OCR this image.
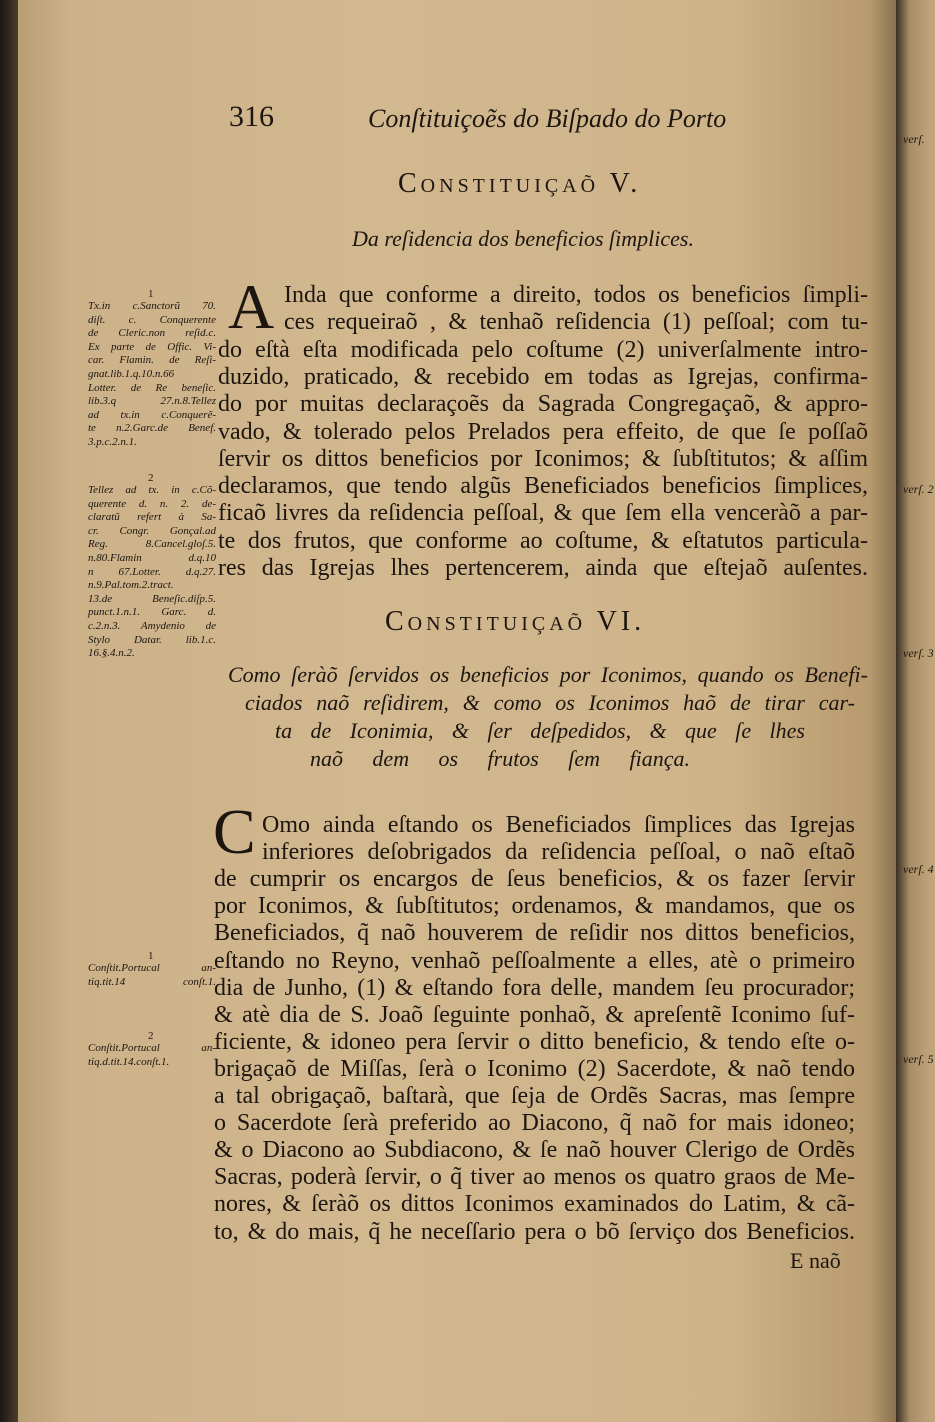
316	Conſtituiçoẽs do Biſpado do Porto
Constituiçaõ V.
Da reſidencia dos beneficios ſimplices.
A Inda que conforme a direito, todos os beneficios ſimpli-
ces requeiraõ , & tenhaõ reſidencia (1) peſſoal; com tu-
do eſtà eſta modificada pelo coſtume (2) univerſalmente intro-
duzido, praticado, & recebido em todas as Igrejas, confirma-
do por muitas declaraçoẽs da Sagrada Congregaçaõ, & appro-
vado, & tolerado pelos Prelados pera effeito, de que ſe poſſaõ
ſervir os dittos beneficios por Iconimos; & ſubſtitutos; & aſſim
declaramos, que tendo algũs Beneficiados beneficios ſimplices,
ficaõ livres da reſidencia peſſoal, & que ſem ella venceràõ a par-
te dos frutos, que conforme ao coſtume, & eſtatutos particula-
res das Igrejas lhes pertencerem, ainda que eſtejaõ auſentes.
Constituiçaõ VI.
Como ſeràõ ſervidos os beneficios por Iconimos, quando os Benefi-
ciados naõ reſidirem, & como os Iconimos haõ de tirar car-
ta de Iconimia, & ſer deſpedidos, & que ſe lhes
naõ dem os frutos ſem fiança.
C Omo ainda eſtando os Beneficiados ſimplices das Igrejas
inferiores deſobrigados da reſidencia peſſoal, o naõ eſtaõ
de cumprir os encargos de ſeus beneficios, & os fazer ſervir
por Iconimos, & ſubſtitutos; ordenamos, & mandamos, que os
Beneficiados, q̃ naõ houverem de reſidir nos dittos beneficios,
eſtando no Reyno, venhaõ peſſoalmente a elles, atè o primeiro
dia de Junho, (1) & eſtando fora delle, mandem ſeu procurador;
& atè dia de S. Joaõ ſeguinte ponhaõ, & apreſentẽ Iconimo ſuf-
ficiente, & idoneo pera ſervir o ditto beneficio, & tendo eſte o-
brigaçaõ de Miſſas, ſerà o Iconimo (2) Sacerdote, & naõ tendo
a tal obrigaçaõ, baſtarà, que ſeja de Ordẽs Sacras, mas ſempre
o Sacerdote ſerà preferido ao Diacono, q̃ naõ for mais idoneo;
& o Diacono ao Subdiacono, & ſe naõ houver Clerigo de Ordẽs
Sacras, poderà ſervir, o q̃ tiver ao menos os quatro graos de Me-
nores, & ſeràõ os dittos Iconimos examinados do Latim, & cã-
to, & do mais, q̃ he neceſſario pera o bõ ſerviço dos Beneficios.
E naõ
1
Tx.in c.Sanctorũ 70.
diſt. c. Conquerente
de Cleric.non reſid.c.
Ex parte de Offic. Vi-
car. Flamin. de Reſi-
gnat.lib.1.q.10.n.66
Lotter. de Re beneſic.
lib.3.q 27.n.8.Tellez
ad tx.in c.Conquerẽ-
te n.2.Garc.de Benef.
3.p.c.2.n.1.
2
Tellez ad tx. in c.Cõ-
querente d. n. 2. de-
claratũ refert à Sa-
cr. Congr. Gonçal.ad
Reg. 8.Cancel.gloſ.5.
n.80.Flamin d.q.10
n 67.Lotter. d.q.27.
n.9.Pal.tom.2.tract.
13.de Beneſic.diſp.5.
punct.1.n.1. Garc. d.
c.2.n.3. Amydenio de
Stylo Datar. lib.1.c.
16.§.4.n.2.
1
Conſtit.Portucal an-
tiq.tit.14 conſt.1.
2
Conſtit.Portucal an-
tiq.d.tit.14.conſt.1.
verſ.
verſ. 2
verſ. 3
verſ. 4
verſ. 5
